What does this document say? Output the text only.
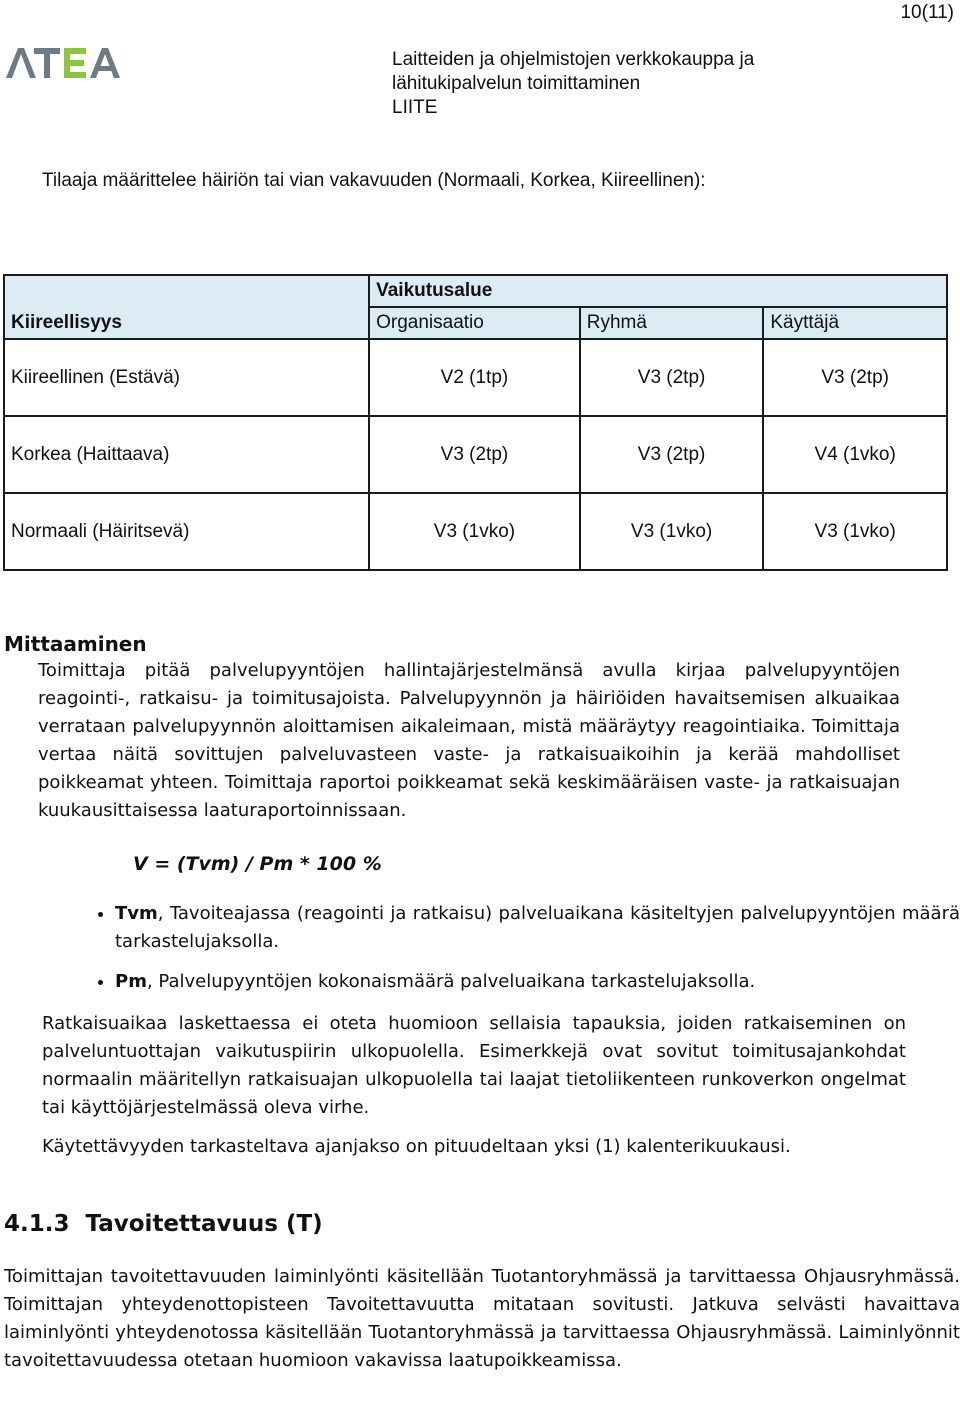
10(11)
Laitteiden ja ohjelmistojen verkkokauppa ja
lähitukipalvelun toimittaminen
LIITE
Tilaaja määrittelee häiriön tai vian vakavuuden (Normaali, Korkea, Kiireellinen):
	Vaikutusalue		
Kiireellisyys	Organisaatio	Ryhmä	Käyttäjä
Kiireellinen (Estävä)	V2 (1tp)	V3 (2tp)	V3 (2tp)
Korkea (Haittaava)	V3 (2tp)	V3 (2tp)	V4 (1vko)
Normaali (Häiritsevä)	V3 (1vko)	V3 (1vko)	V3 (1vko)
Mittaaminen
Toimittaja pitää palvelupyyntöjen hallintajärjestelmänsä avulla kirjaa palvelupyyntöjen reagointi-, ratkaisu- ja toimitusajoista. Palvelupyynnön ja häiriöiden havaitsemisen alkuaikaa verrataan palvelupyynnön aloittamisen aikaleimaan, mistä määräytyy reagointiaika. Toimittaja vertaa näitä sovittujen palveluvasteen vaste- ja ratkaisuaikoihin ja kerää mahdolliset poikkeamat yhteen. Toimittaja raportoi poikkeamat sekä keskimääräisen vaste- ja ratkaisuajan kuukausittaisessa laaturaportoinnissaan.
V = (Tvm) / Pm * 100 %
• Tvm, Tavoiteajassa (reagointi ja ratkaisu) palveluaikana käsiteltyjen palvelupyyntöjen määrä tarkastelujaksolla.
• Pm, Palvelupyyntöjen kokonaismäärä palveluaikana tarkastelujaksolla.
Ratkaisuaikaa laskettaessa ei oteta huomioon sellaisia tapauksia, joiden ratkaiseminen on palveluntuottajan vaikutuspiirin ulkopuolella. Esimerkkejä ovat sovitut toimitusajankohdat normaalin määritellyn ratkaisuajan ulkopuolella tai laajat tietoliikenteen runkoverkon ongelmat tai käyttöjärjestelmässä oleva virhe.
Käytettävyyden tarkasteltava ajanjakso on pituudeltaan yksi (1) kalenterikuukausi.
4.1.3 Tavoitettavuus (T)
Toimittajan tavoitettavuuden laiminlyönti käsitellään Tuotantoryhmässä ja tarvittaessa Ohjausryhmässä. Toimittajan yhteydenottopisteen Tavoitettavuutta mitataan sovitusti. Jatkuva selvästi havaittava laiminlyönti yhteydenotossa käsitellään Tuotantoryhmässä ja tarvittaessa Ohjausryhmässä. Laiminlyönnit tavoitettavuudessa otetaan huomioon vakavissa laatupoikkeamissa.
